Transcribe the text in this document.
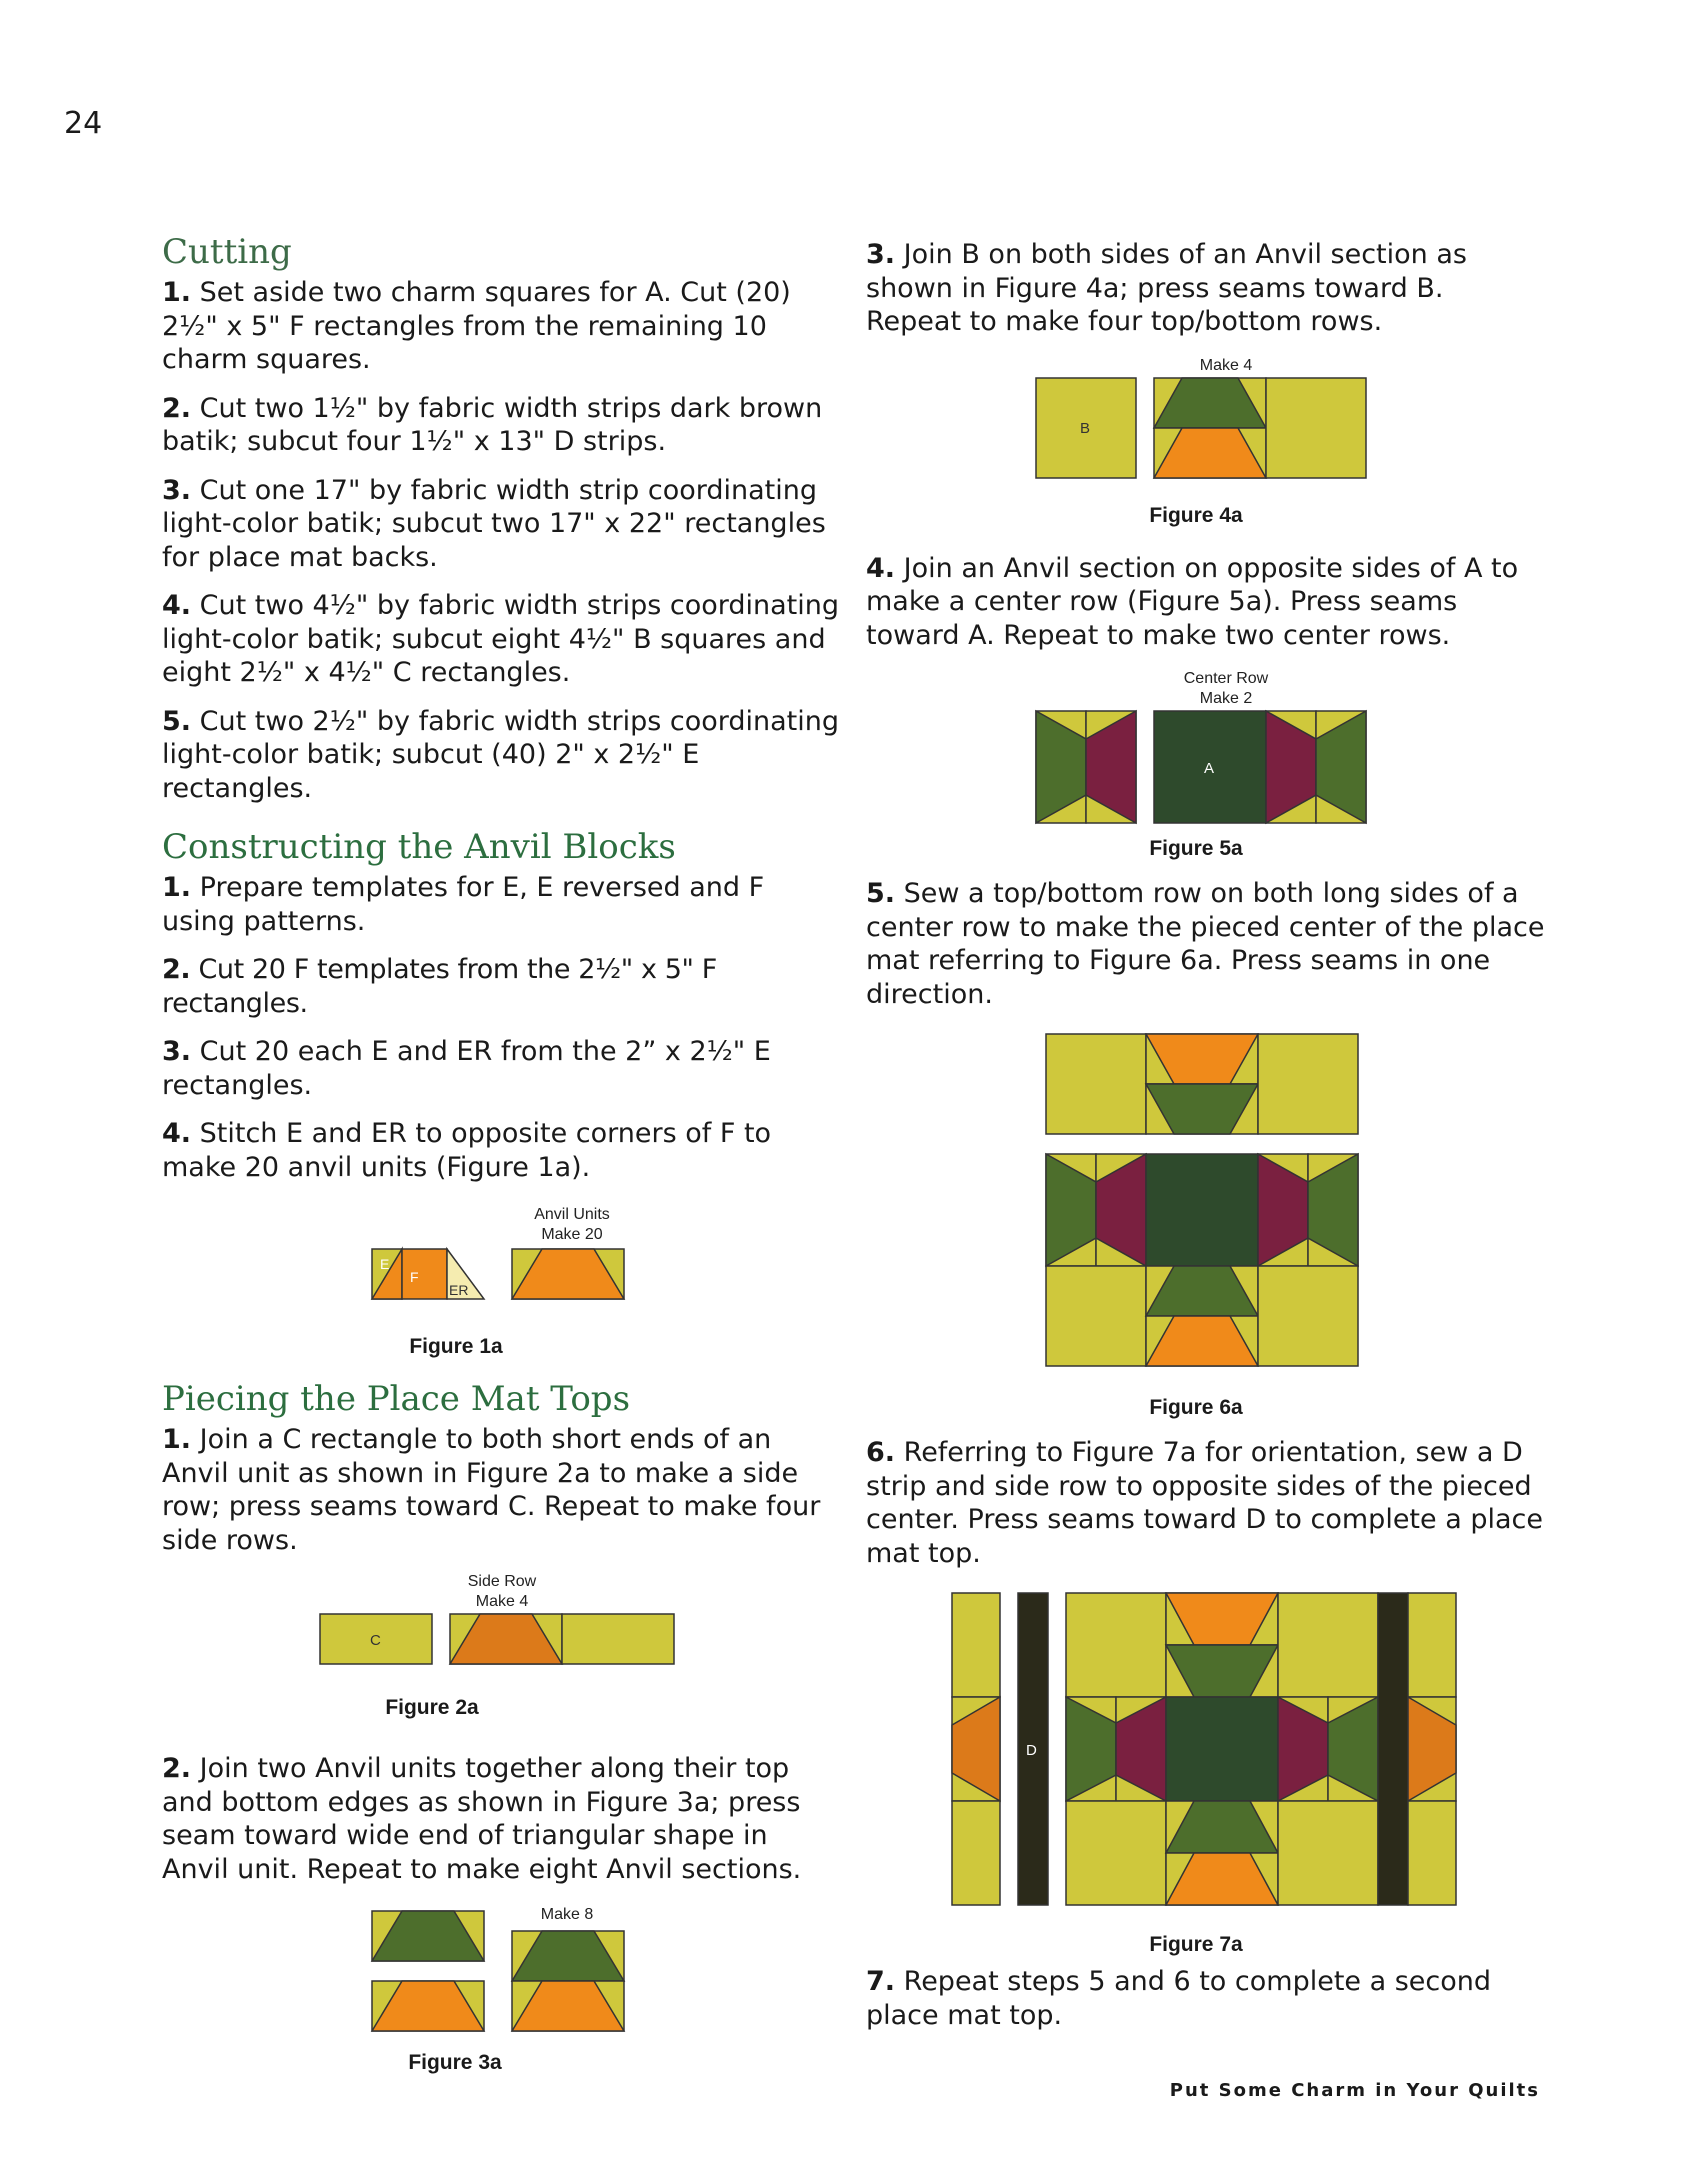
24
Cutting

1. Set aside two charm squares for A. Cut (20) 2½" x 5" F rectangles from the remaining 10 charm squares.

2. Cut two 1½" by fabric width strips dark brown batik; subcut four 1½" x 13" D strips.

3. Cut one 17" by fabric width strip coordinating light-color batik; subcut two 17" x 22" rectangles for place mat backs.

4. Cut two 4½" by fabric width strips coordinating light-color batik; subcut eight 4½" B squares and eight 2½" x 4½" C rectangles.

5. Cut two 2½" by fabric width strips coordinating light-color batik; subcut (40) 2" x 2½" E rectangles.

Constructing the Anvil Blocks

1. Prepare templates for E, E reversed and F using patterns.

2. Cut 20 F templates from the 2½" x 5" F rectangles.

3. Cut 20 each E and ER from the 2” x 2½" E rectangles.

4. Stitch E and ER to opposite corners of F to make 20 anvil units (Figure 1a).

Anvil Units
Make 20
E
F
ER
Figure 1a
Piecing the Place Mat Tops

1. Join a C rectangle to both short ends of an Anvil unit as shown in Figure 2a to make a side row; press seams toward C. Repeat to make four side rows.

Side Row
Make 4
C
Figure 2a

2. Join two Anvil units together along their top and bottom edges as shown in Figure 3a; press seam toward wide end of triangular shape in Anvil unit. Repeat to make eight Anvil sections.

Make 8
Figure 3a

3. Join B on both sides of an Anvil section as shown in Figure 4a; press seams toward B. Repeat to make four top/bottom rows.

Make 4
B
Figure 4a

4. Join an Anvil section on opposite sides of A to make a center row (Figure 5a). Press seams toward A. Repeat to make two center rows.

Center Row
Make 2
A
Figure 5a

5. Sew a top/bottom row on both long sides of a center row to make the pieced center of the place mat referring to Figure 6a. Press seams in one direction.

Figure 6a

6. Referring to Figure 7a for orientation, sew a D strip and side row to opposite sides of the pieced center. Press seams toward D to complete a place mat top.

D
Figure 7a

7. Repeat steps 5 and 6 to complete a second place mat top.

Put Some Charm in Your Quilts
